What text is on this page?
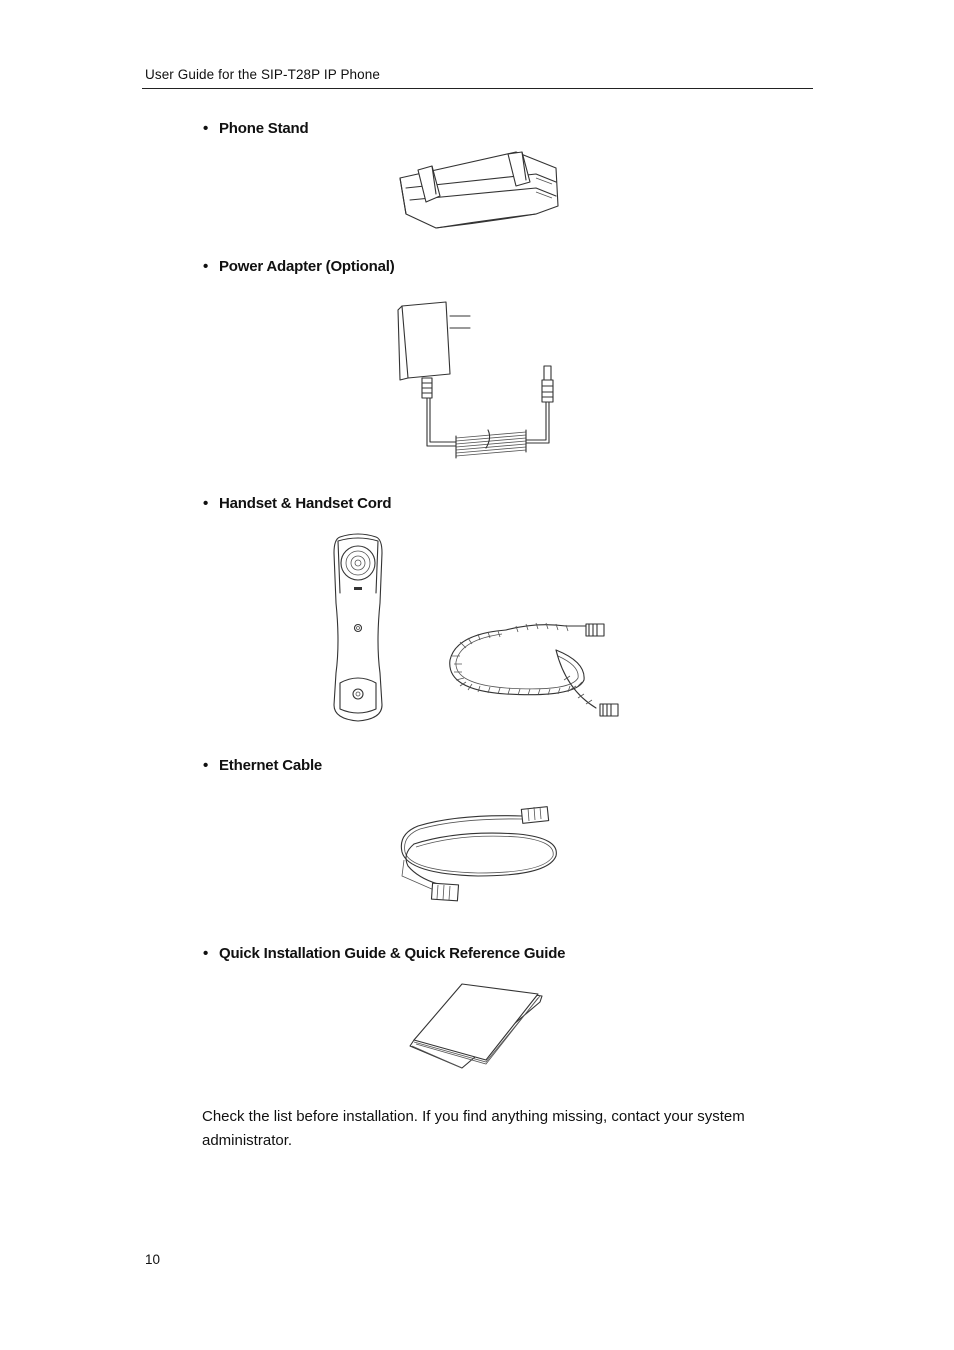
User Guide for the SIP-T28P IP Phone
• Phone Stand
• Power Adapter (Optional)
• Handset & Handset Cord
• Ethernet Cable
• Quick Installation Guide & Quick Reference Guide
Check the list before installation. If you find anything missing, contact your system administrator.
10
